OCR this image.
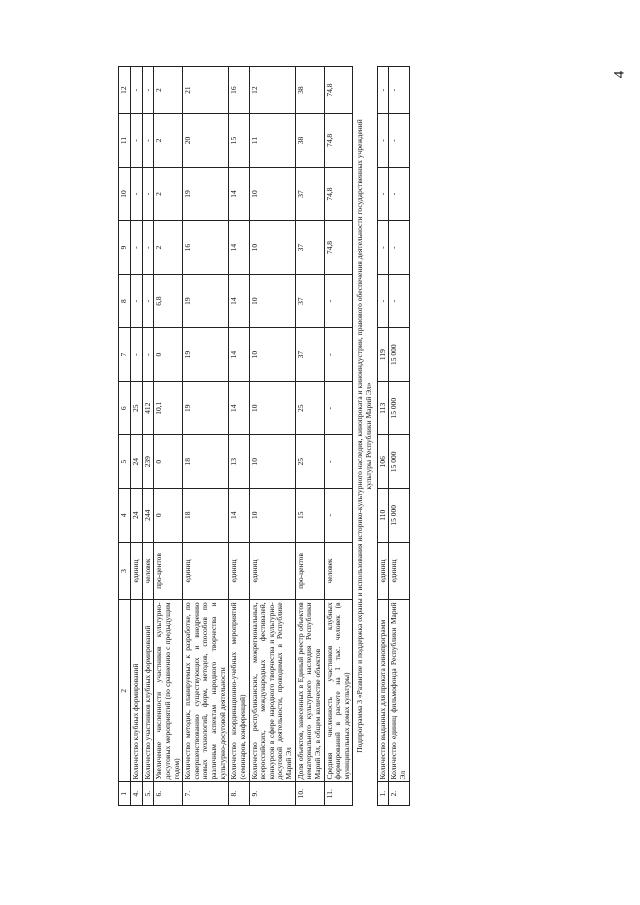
4
1	2	3	4	5	6	7	8	9	10	11	12
4.	Количество клубных формирований	единиц	24	24	25	-	-	-	-	-	-
5.	Количество участников клубных формирований	человек	244	239	412	-	-	-	-	-	-
6.	Увеличение численности участников культурно-досуговых мероприятий (по сравнению с предыдущим годом)	про-центов	0	0	10,1	0	6,8	2	2	2	2
7.	Количество методик, планируемых к разработке, по совершенствованию существующих и внедрению новых технологий, форм, методов, способов по различным аспектам народного творчества и культурно-досуговой деятельности	единиц	18	18	19	19	19	16	19	20	21
8.	Количество координационно-учебных мероприятий (семинаров, конференций)	единиц	14	13	14	14	14	14	14	15	16
9.	Количество республиканских, межрегиональных, всероссийских, международных фестивалей, конкурсов в сфере народного творчества и культурно-досуговой деятельности, проводимых в Республике Марий Эл	единиц	10	10	10	10	10	10	10	11	12
10.	Доля объектов, занесенных в Единый реестр объектов нематериального культурного наследия Республики Марий Эл, в общем количестве объектов	про-центов	15	25	25	37	37	37	37	38	38
11.	Средняя численность участников клубных формирований в расчете на 1 тыс. человек (в муниципальных домах культуры)	человек	-	-	-	-	-	74,8	74,8	74,8	74,8
Подпрограмма 3 «Развитие и поддержка охраны и использования историко-культурного наследия, кинопроката и киноиндустрии, правового обеспечения деятельности государственных учреждений культуры Республики Марий Эл»											
1.	Количество выданных для проката кинопрограмм	единиц	110	106	113	119	-	-	-	-	-
2.	Количество единиц фильмофонда Республики Марий Эл	единиц	15 000	15 000	15 000	15 000	-	-	-	-	-
